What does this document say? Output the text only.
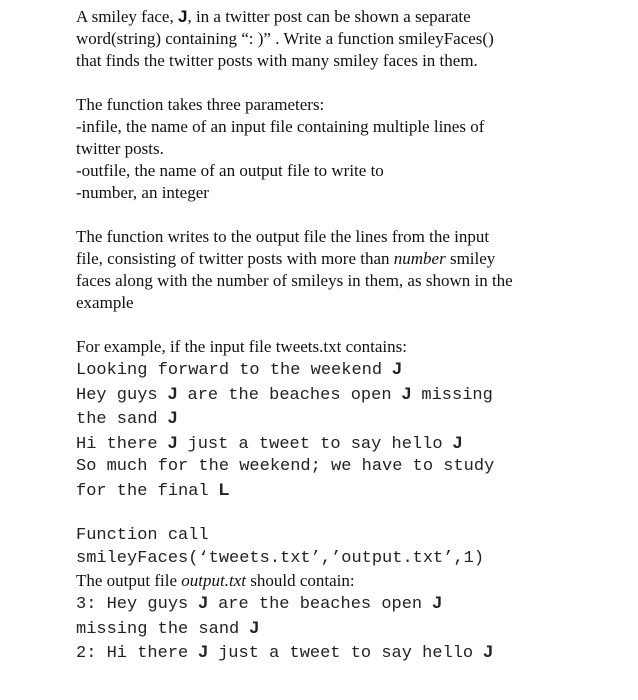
A smiley face, J, in a twitter post can be shown a separate

word(string) containing “: )” . Write a function smileyFaces()

that finds the twitter posts with many smiley faces in them.

The function takes three parameters:

-infile, the name of an input file containing multiple lines of

twitter posts.

-outfile, the name of an output file to write to

-number, an integer

The function writes to the output file the lines from the input

file, consisting of twitter posts with more than number smiley

faces along with the number of smileys in them, as shown in the

example

For example, if the input file tweets.txt contains:

Looking forward to the weekend J

Hey guys J are the beaches open J missing

the sand J

Hi there J just a tweet to say hello J

So much for the weekend; we have to study

for the final L

Function call

smileyFaces(‘tweets.txt’,’output.txt’,1)

The output file output.txt should contain:

3: Hey guys J are the beaches open J

missing the sand J

2: Hi there J just a tweet to say hello J
